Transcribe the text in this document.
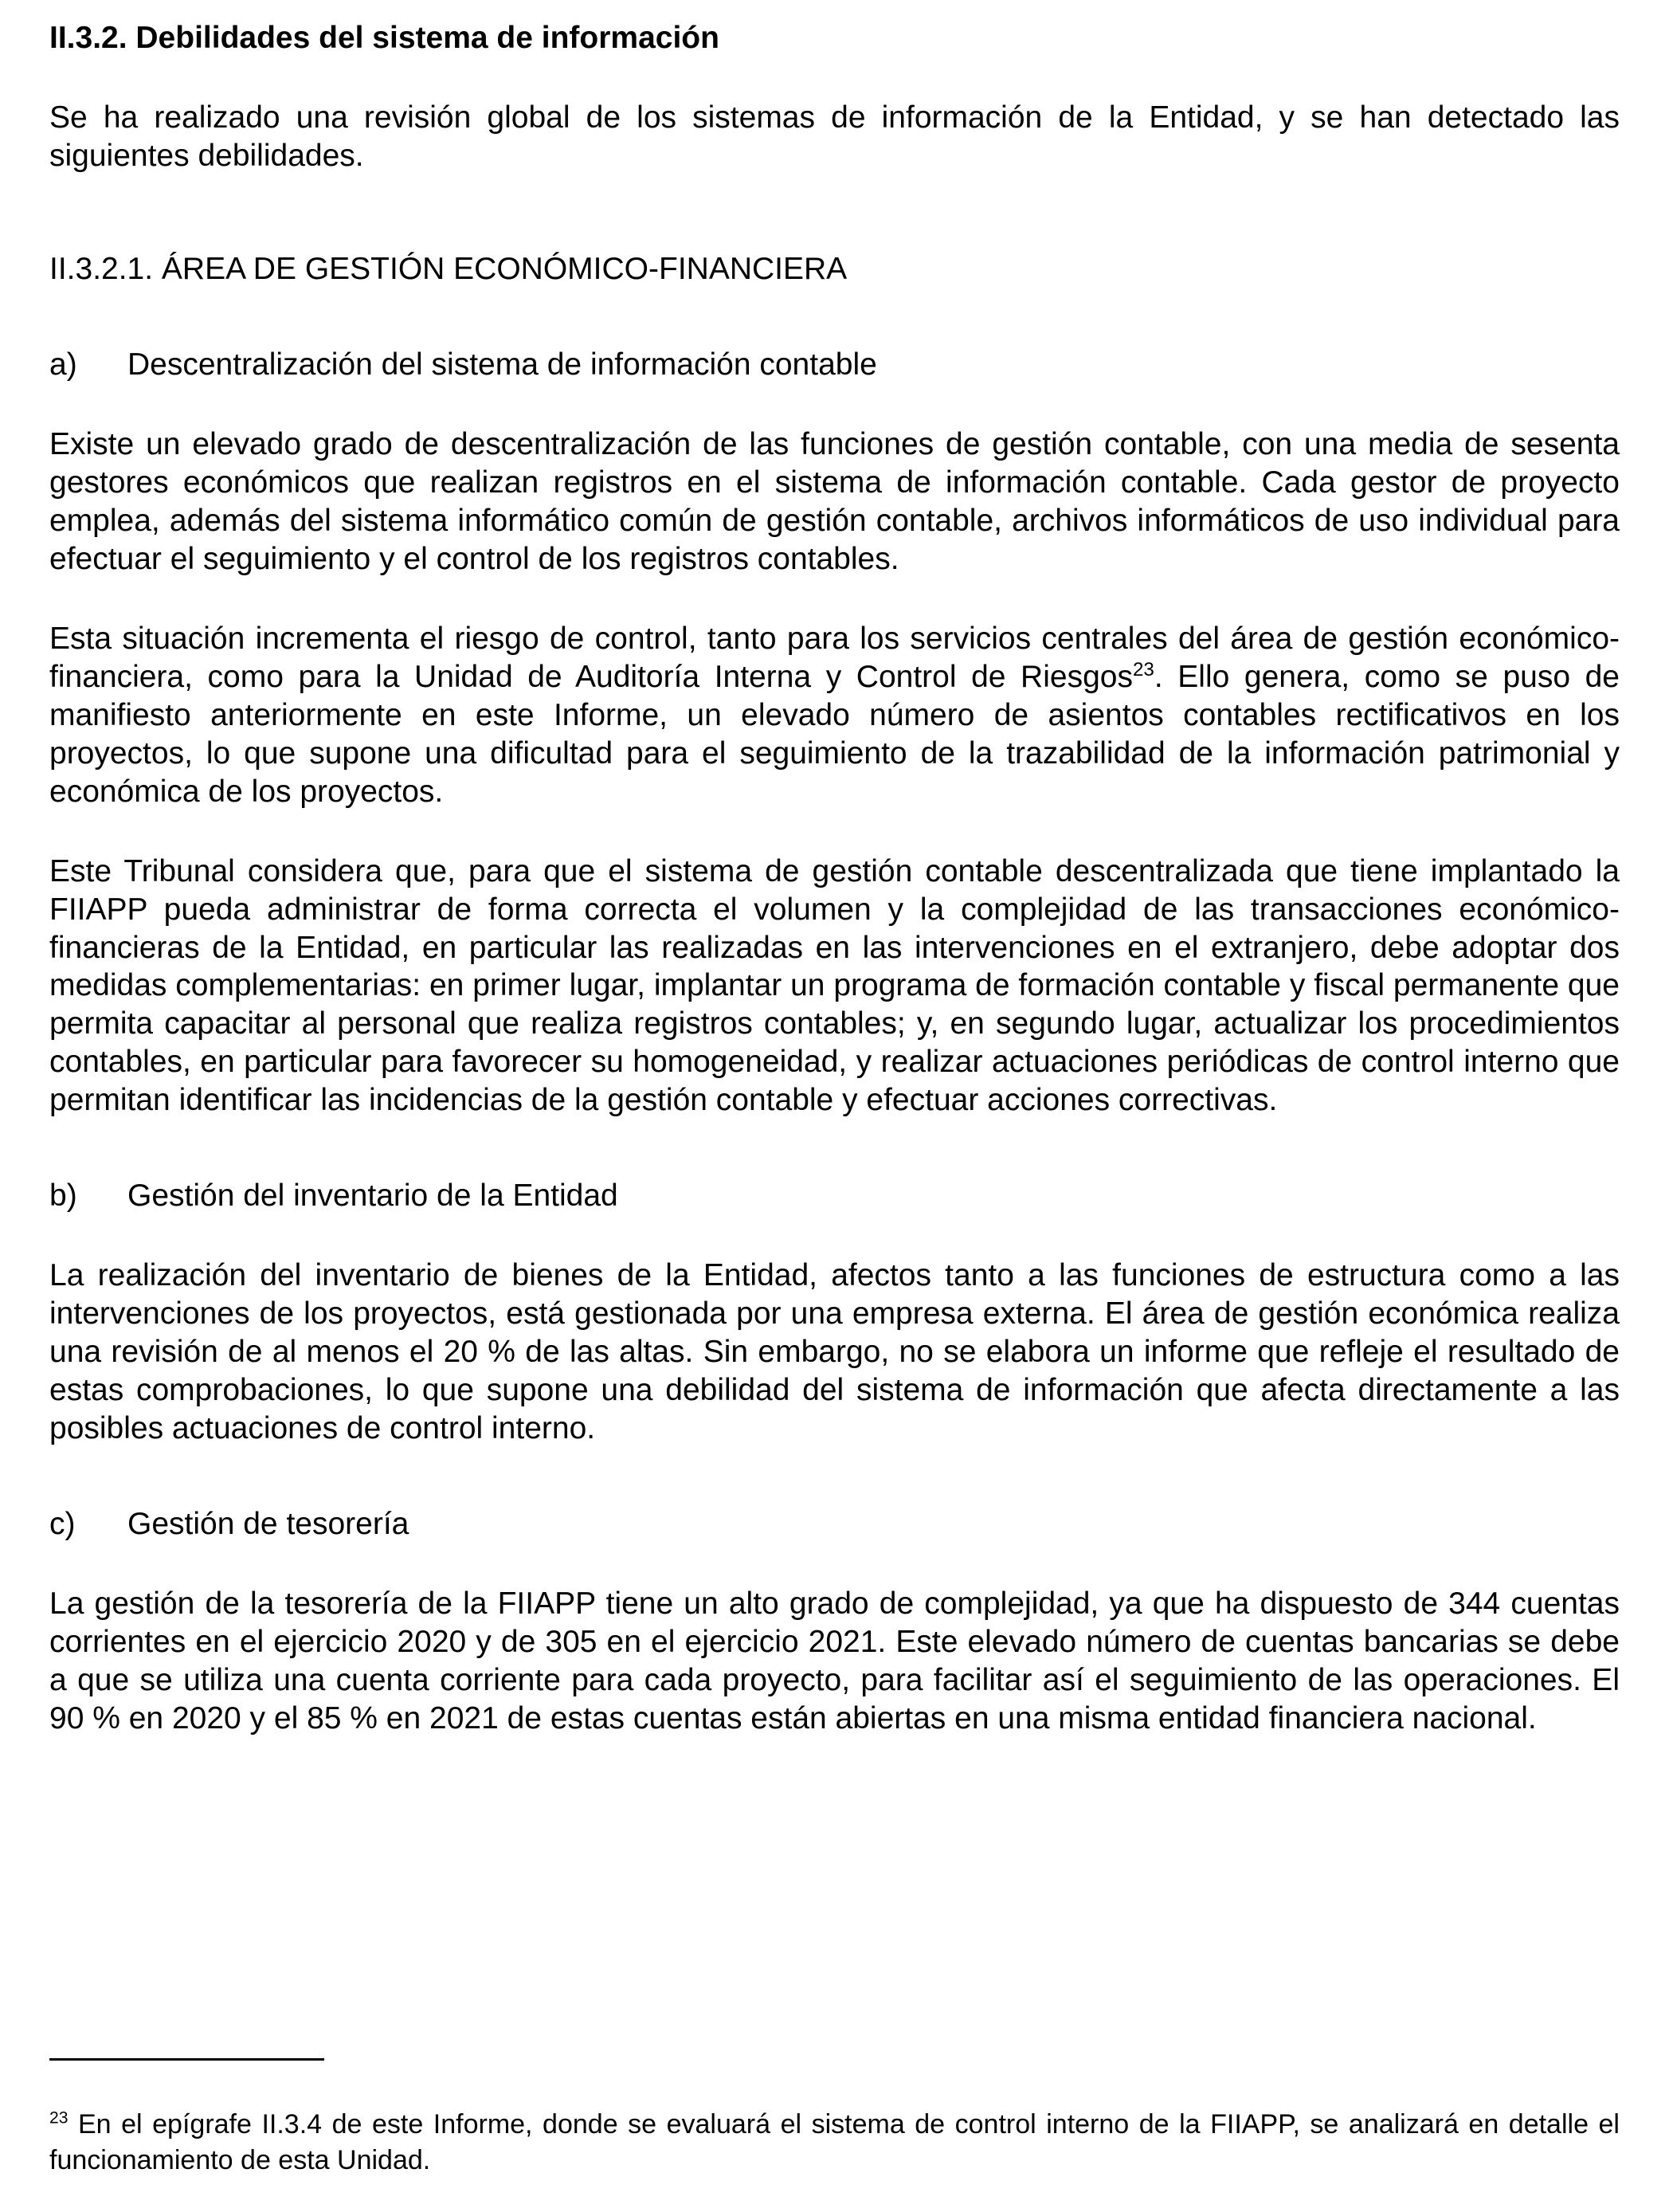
II.3.2. Debilidades del sistema de información

Se ha realizado una revisión global de los sistemas de información de la Entidad, y se han detectado las siguientes debilidades.

II.3.2.1. ÁREA DE GESTIÓN ECONÓMICO-FINANCIERA
a)	Descentralización del sistema de información contable

Existe un elevado grado de descentralización de las funciones de gestión contable, con una media de sesenta gestores económicos que realizan registros en el sistema de información contable. Cada gestor de proyecto emplea, además del sistema informático común de gestión contable, archivos informáticos de uso individual para efectuar el seguimiento y el control de los registros contables.

Esta situación incrementa el riesgo de control, tanto para los servicios centrales del área de gestión económico-financiera, como para la Unidad de Auditoría Interna y Control de Riesgos$^{23}$. Ello genera, como se puso de manifiesto anteriormente en este Informe, un elevado número de asientos contables rectificativos en los proyectos, lo que supone una dificultad para el seguimiento de la trazabilidad de la información patrimonial y económica de los proyectos.

Este Tribunal considera que, para que el sistema de gestión contable descentralizada que tiene implantado la FIIAPP pueda administrar de forma correcta el volumen y la complejidad de las transacciones económico-financieras de la Entidad, en particular las realizadas en las intervenciones en el extranjero, debe adoptar dos medidas complementarias: en primer lugar, implantar un programa de formación contable y fiscal permanente que permita capacitar al personal que realiza registros contables; y, en segundo lugar, actualizar los procedimientos contables, en particular para favorecer su homogeneidad, y realizar actuaciones periódicas de control interno que permitan identificar las incidencias de la gestión contable y efectuar acciones correctivas.

b)	Gestión del inventario de la Entidad

La realización del inventario de bienes de la Entidad, afectos tanto a las funciones de estructura como a las intervenciones de los proyectos, está gestionada por una empresa externa. El área de gestión económica realiza una revisión de al menos el 20 % de las altas. Sin embargo, no se elabora un informe que refleje el resultado de estas comprobaciones, lo que supone una debilidad del sistema de información que afecta directamente a las posibles actuaciones de control interno.

c)	Gestión de tesorería

La gestión de la tesorería de la FIIAPP tiene un alto grado de complejidad, ya que ha dispuesto de 344 cuentas corrientes en el ejercicio 2020 y de 305 en el ejercicio 2021. Este elevado número de cuentas bancarias se debe a que se utiliza una cuenta corriente para cada proyecto, para facilitar así el seguimiento de las operaciones. El 90 % en 2020 y el 85 % en 2021 de estas cuentas están abiertas en una misma entidad financiera nacional.

$^{23}$ En el epígrafe II.3.4 de este Informe, donde se evaluará el sistema de control interno de la FIIAPP, se analizará en detalle el funcionamiento de esta Unidad.
